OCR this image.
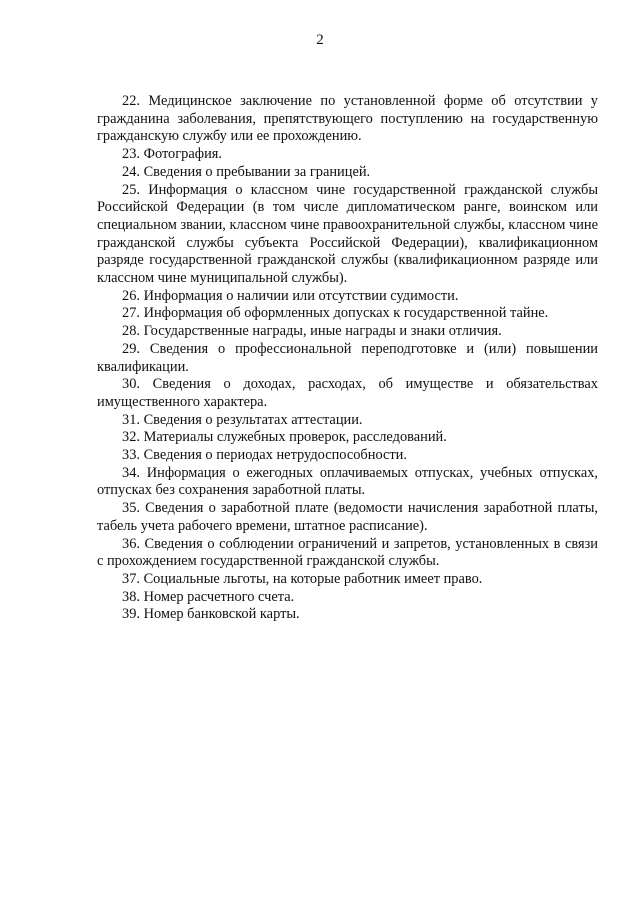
2

22. Медицинское заключение по установленной форме об отсутствии у гражданина заболевания, препятствующего поступлению на государственную гражданскую службу или ее прохождению.

23. Фотография.

24. Сведения о пребывании за границей.

25. Информация о классном чине государственной гражданской службы Российской Федерации (в том числе дипломатическом ранге, воинском или специальном звании, классном чине правоохранительной службы, классном чине гражданской службы субъекта Российской Федерации), квалификационном разряде государственной гражданской службы (квалификационном разряде или классном чине муниципальной службы).

26. Информация о наличии или отсутствии судимости.

27. Информация об оформленных допусках к государственной тайне.

28. Государственные награды, иные награды и знаки отличия.

29. Сведения о профессиональной переподготовке и (или) повышении квалификации.

30. Сведения о доходах, расходах, об имуществе и обязательствах имущественного характера.

31. Сведения о результатах аттестации.

32. Материалы служебных проверок, расследований.

33. Сведения о периодах нетрудоспособности.

34. Информация о ежегодных оплачиваемых отпусках, учебных отпусках, отпусках без сохранения заработной платы.

35. Сведения о заработной плате (ведомости начисления заработной платы, табель учета рабочего времени, штатное расписание).

36. Сведения о соблюдении ограничений и запретов, установленных в связи с прохождением государственной гражданской службы.

37. Социальные льготы, на которые работник имеет право.

38. Номер расчетного счета.

39. Номер банковской карты.
